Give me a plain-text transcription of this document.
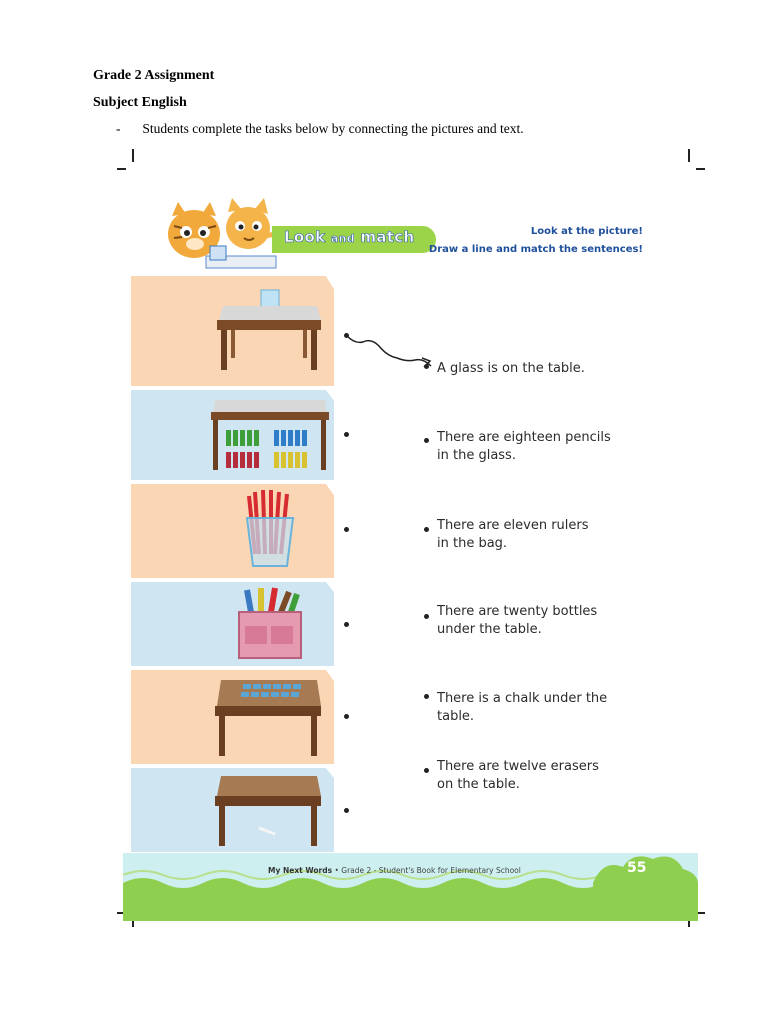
Grade 2 Assignment
Subject English
- Students complete the tasks below by connecting the pictures and text.
Look and match	Look at the picture!
Draw a line and match the sentences!
A glass is on the table.
There are eighteen pencils
in the glass.
There are eleven rulers
in the bag.
There are twenty bottles
under the table.
There is a chalk under the
table.
There are twelve erasers
on the table.
My Next Words • Grade 2 - Student's Book for Elementary School	55
